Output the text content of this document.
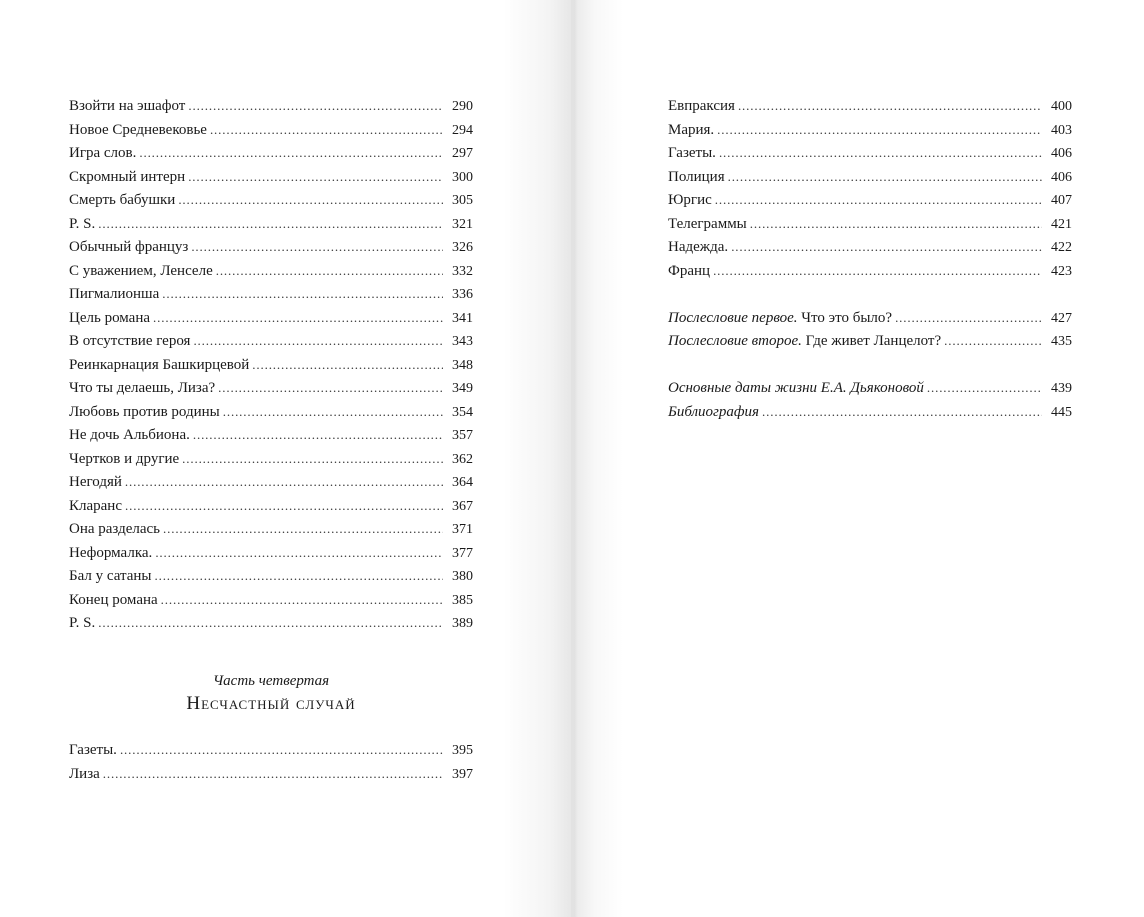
Взойти на эшафот . . .	290
Новое Средневековье . . .	294
Игра слов. . . .	297
Скромный интерн . . .	300
Смерть бабушки . . .	305
P. S. . . .	321
Обычный француз . . .	326
С уважением, Ленселе . . .	332
Пигмалионша . . .	336
Цель романа . . .	341
В отсутствие героя . . .	343
Реинкарнация Башкирцевой . . .	348
Что ты делаешь, Лиза? . . .	349
Любовь против родины . . .	354
Не дочь Альбиона. . . .	357
Чертков и другие . . .	362
Негодяй . . .	364
Кларанс . . .	367
Она разделась . . .	371
Неформалка. . . .	377
Бал у сатаны . . .	380
Конец романа . . .	385
P. S. . . .	389
Часть четвертая
Несчастный случай
Газеты. . . .	395
Лиза . . .	397
Евпраксия . . .	400
Мария. . . .	403
Газеты. . . .	406
Полиция . . .	406
Юргис . . .	407
Телеграммы . . .	421
Надежда. . . .	422
Франц . . .	423
Послесловие первое. Что это было? . . .	427
Послесловие второе. Где живет Ланцелот? . . .	435
Основные даты жизни Е.А. Дьяконовой . . .	439
Библиография . . .	445
